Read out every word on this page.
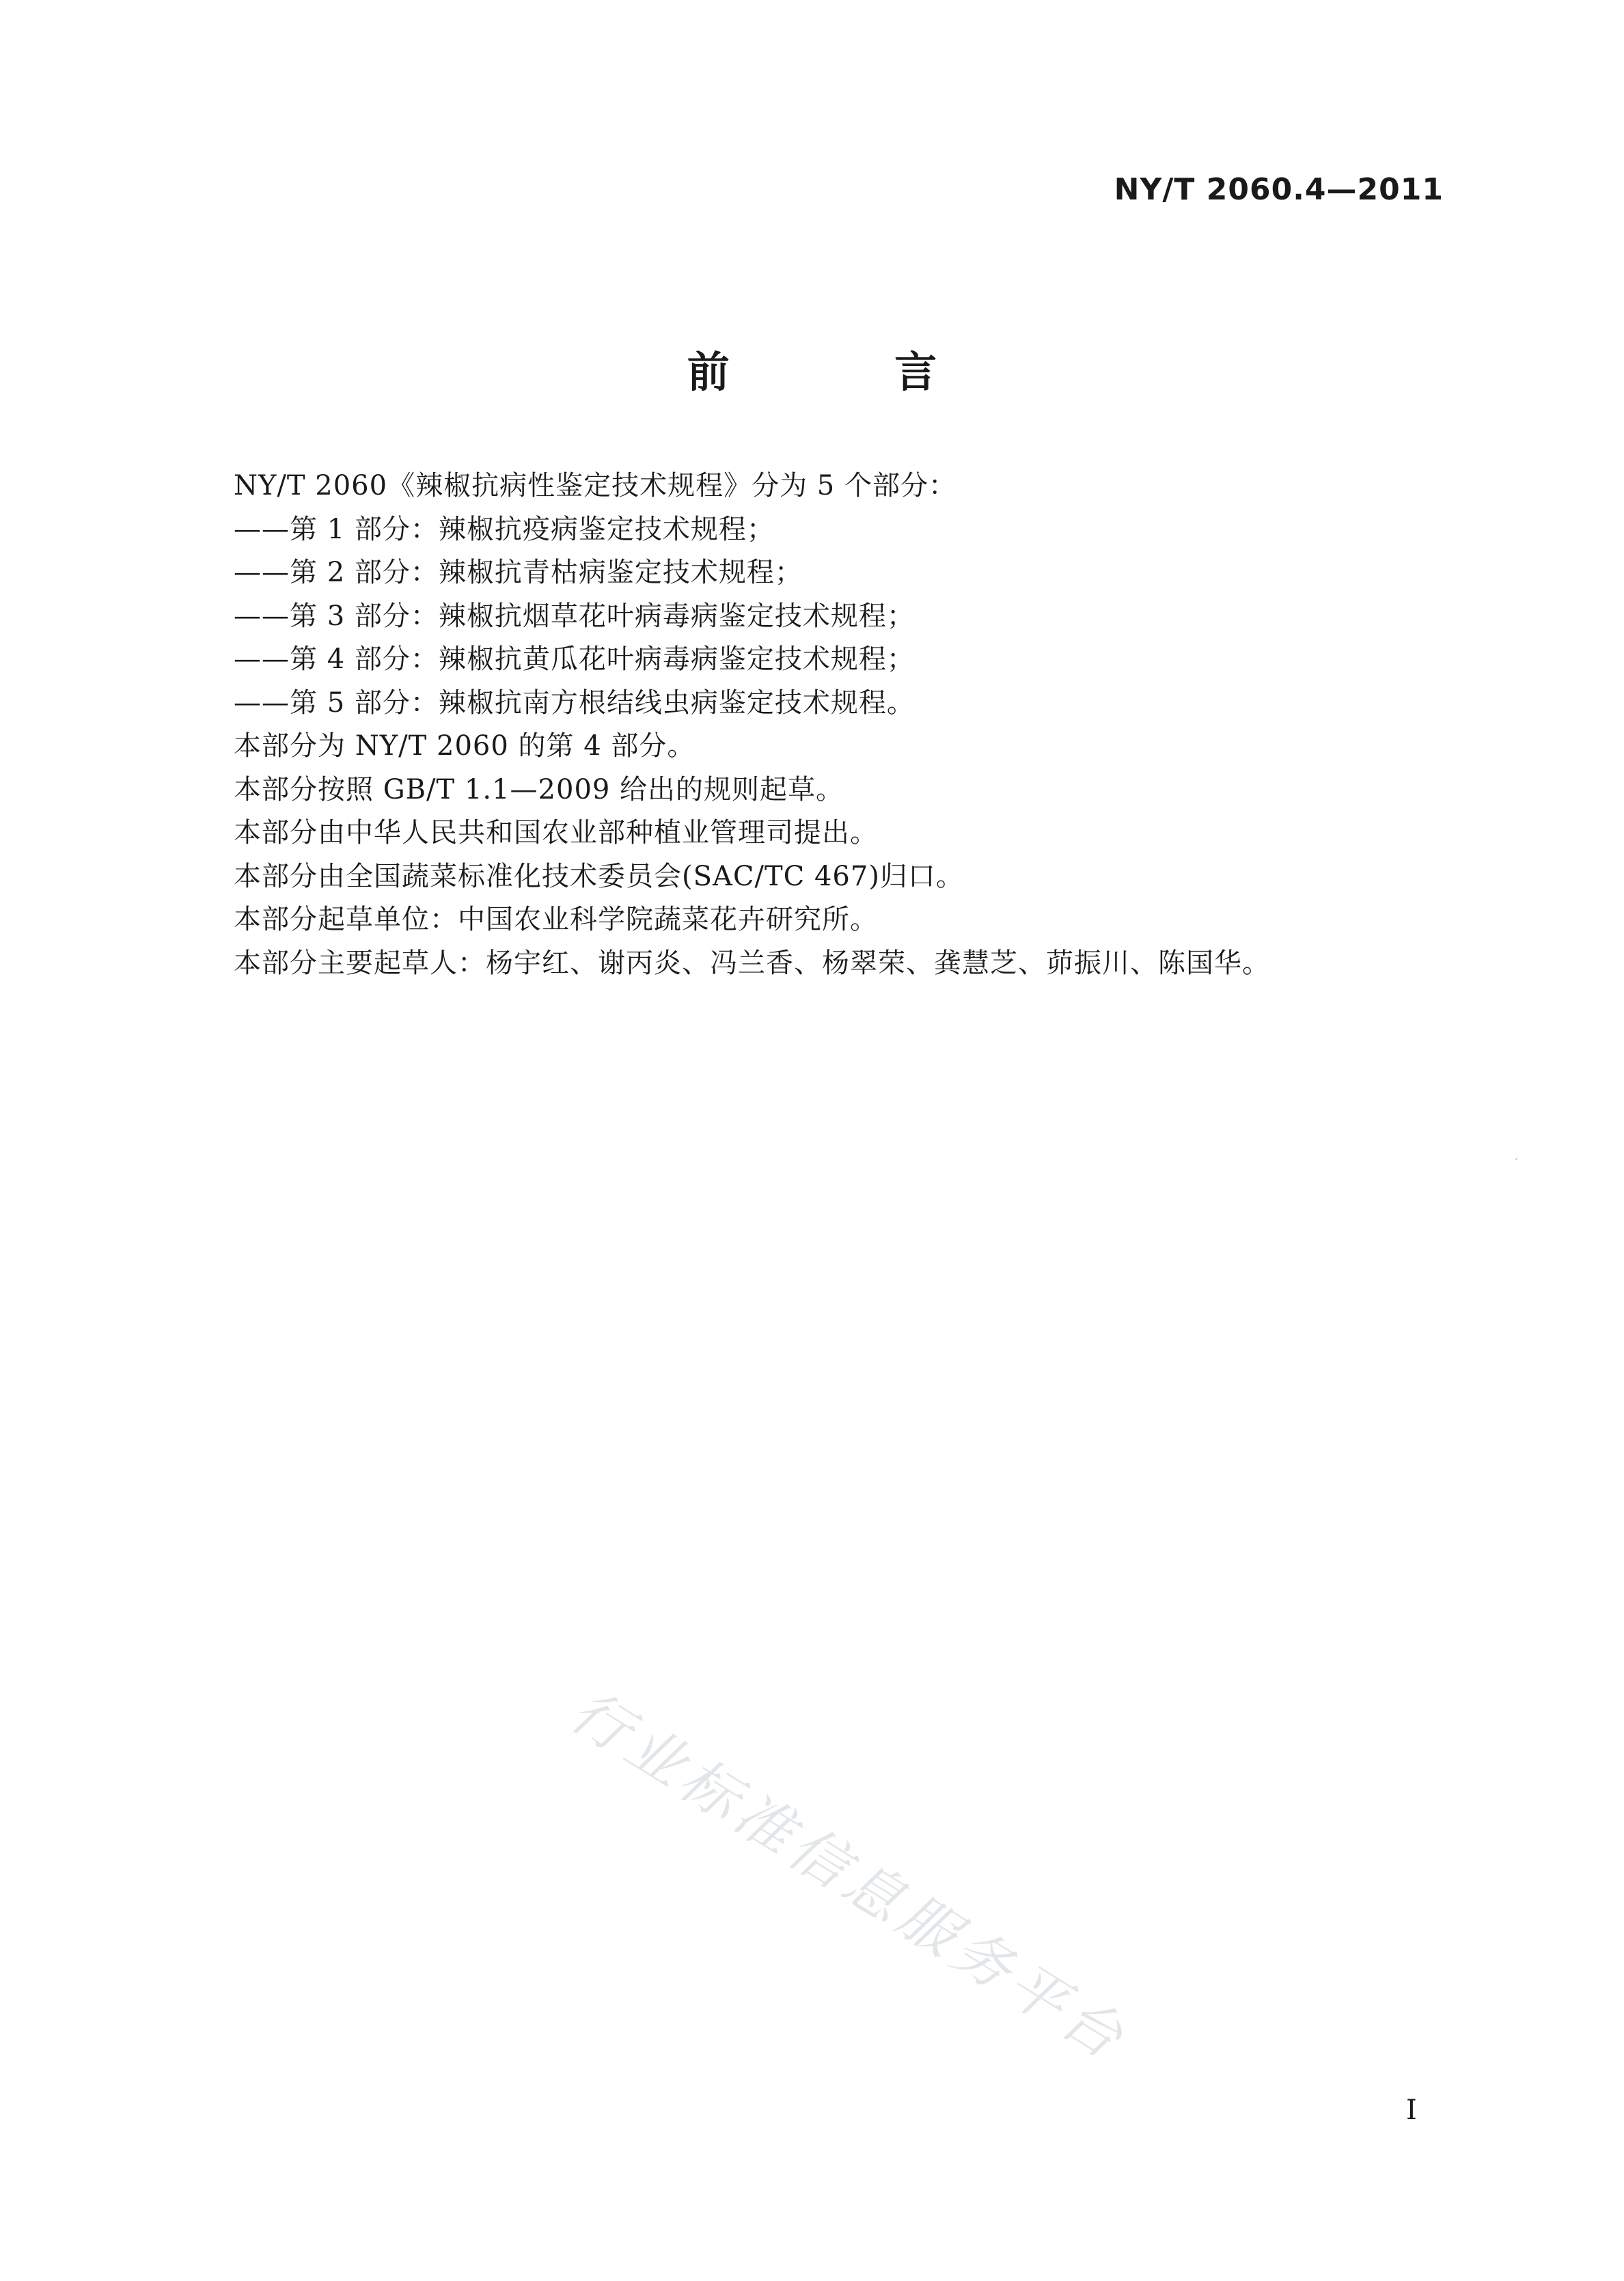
NY/T 2060.4—2011
前 言
NY/T 2060《辣椒抗病性鉴定技术规程》分为 5 个部分：
——第 1 部分：辣椒抗疫病鉴定技术规程；
——第 2 部分：辣椒抗青枯病鉴定技术规程；
——第 3 部分：辣椒抗烟草花叶病毒病鉴定技术规程；
——第 4 部分：辣椒抗黄瓜花叶病毒病鉴定技术规程；
——第 5 部分：辣椒抗南方根结线虫病鉴定技术规程。
本部分为 NY/T 2060 的第 4 部分。
本部分按照 GB/T 1.1—2009 给出的规则起草。
本部分由中华人民共和国农业部种植业管理司提出。
本部分由全国蔬菜标准化技术委员会(SAC/TC 467)归口。
本部分起草单位：中国农业科学院蔬菜花卉研究所。
本部分主要起草人：杨宇红、谢丙炎、冯兰香、杨翠荣、龚慧芝、茆振川、陈国华。
行业标准信息服务平台
I
